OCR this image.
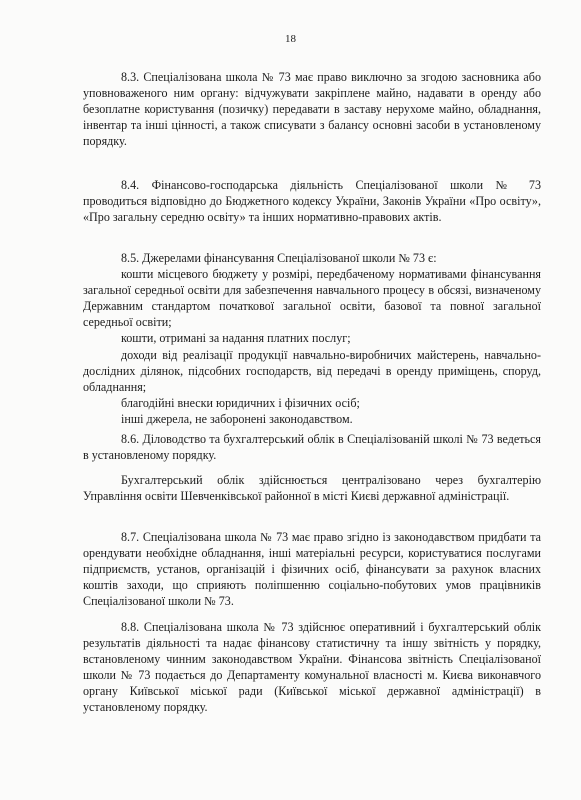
18

8.3. Спеціалізована школа № 73 має право виключно за згодою засновника або уповноваженого ним органу: відчужувати закріплене майно, надавати в оренду або безоплатне користування (позичку) передавати в заставу нерухоме майно, обладнання, інвентар та інші цінності, а також списувати з балансу основні засоби в установленому порядку.

8.4. Фінансово-господарська діяльність Спеціалізованої школи № 73 проводиться відповідно до Бюджетного кодексу України, Законів України «Про освіту», «Про загальну середню освіту» та інших нормативно-правових актів.

8.5. Джерелами фінансування Спеціалізованої школи № 73 є:

кошти місцевого бюджету у розмірі, передбаченому нормативами фінансування загальної середньої освіти для забезпечення навчального процесу в обсязі, визначеному Державним стандартом початкової загальної освіти, базової та повної загальної середньої освіти;

кошти, отримані за надання платних послуг;

доходи від реалізації продукції навчально-виробничих майстерень, навчально-дослідних ділянок, підсобних господарств, від передачі в оренду приміщень, споруд, обладнання;

благодійні внески юридичних і фізичних осіб;

інші джерела, не заборонені законодавством.

8.6. Діловодство та бухгалтерський облік в Спеціалізованій школі № 73 ведеться в установленому порядку.

Бухгалтерський облік здійснюється централізовано через бухгалтерію Управління освіти Шевченківської районної в місті Києві державної адміністрації.

8.7. Спеціалізована школа № 73 має право згідно із законодавством придбати та орендувати необхідне обладнання, інші матеріальні ресурси, користуватися послугами підприємств, установ, організацій і фізичних осіб, фінансувати за рахунок власних коштів заходи, що сприяють поліпшенню соціально-побутових умов працівників Спеціалізованої школи № 73.

8.8. Спеціалізована школа № 73 здійснює оперативний і бухгалтерський облік результатів діяльності та надає фінансову статистичну та іншу звітність у порядку, встановленому чинним законодавством України. Фінансова звітність Спеціалізованої школи № 73 подається до Департаменту комунальної власності м. Києва виконавчого органу Київської міської ради (Київської міської державної адміністрації) в установленому порядку.
